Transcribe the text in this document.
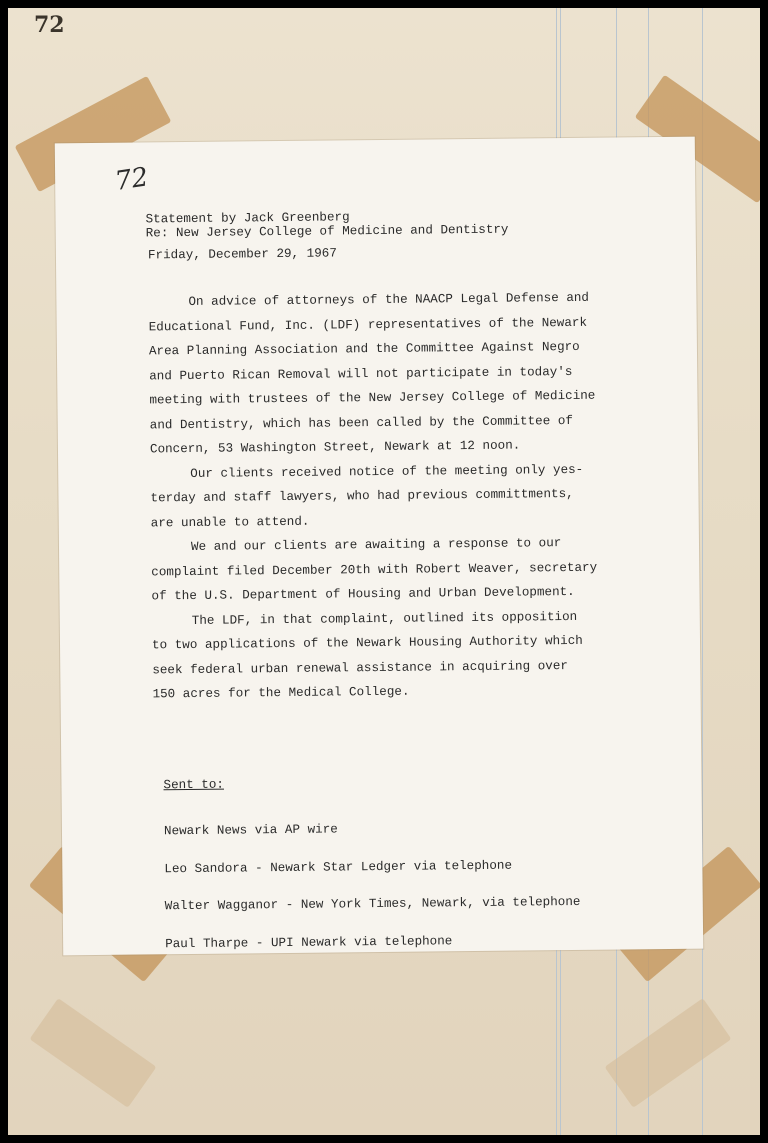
72
72
Statement by Jack Greenberg
Re: New Jersey College of Medicine and Dentistry
Friday, December 29, 1967

On advice of attorneys of the NAACP Legal Defense and

Educational Fund, Inc. (LDF) representatives of the Newark

Area Planning Association and the Committee Against Negro

and Puerto Rican Removal will not participate in today's

meeting with trustees of the New Jersey College of Medicine

and Dentistry, which has been called by the Committee of

Concern, 53 Washington Street, Newark at 12 noon.

Our clients received notice of the meeting only yes-

terday and staff lawyers, who had previous committments,

are unable to attend.

We and our clients are awaiting a response to our

complaint filed December 20th with Robert Weaver, secretary

of the U.S. Department of Housing and Urban Development.

The LDF, in that complaint, outlined its opposition

to two applications of the Newark Housing Authority which

seek federal urban renewal assistance in acquiring over

150 acres for the Medical College.

Sent to:

Newark News via AP wire

Leo Sandora - Newark Star Ledger via telephone

Walter Wagganor - New York Times, Newark, via telephone

Paul Tharpe - UPI Newark via telephone
